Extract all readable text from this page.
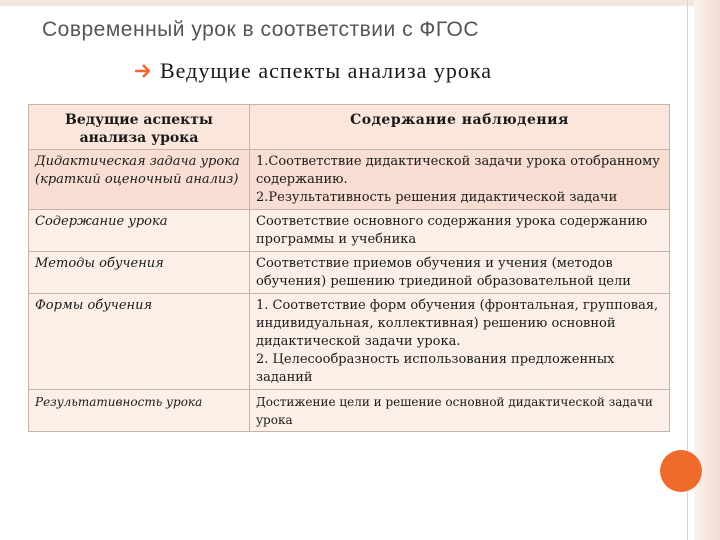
Современный урок в соответствии с ФГОС
Ведущие аспекты анализа урока
Ведущие аспекты анализа урока	Содержание наблюдения
Дидактическая задача урока (краткий оценочный анализ)	1.Соответствие дидактической задачи урока отобранному содержанию.
2.Результативность решения дидактической задачи
Содержание урока	Соответствие основного содержания урока содержанию программы и учебника
Методы обучения	Соответствие приемов обучения и учения (методов обучения) решению триединой образовательной цели
Формы обучения	1. Соответствие форм обучения (фронтальная, групповая, индивидуальная, коллективная) решению основной дидактической задачи урока.
2. Целесообразность использования предложенных заданий
Результативность урока	Достижение цели и решение основной дидактической задачи урока
